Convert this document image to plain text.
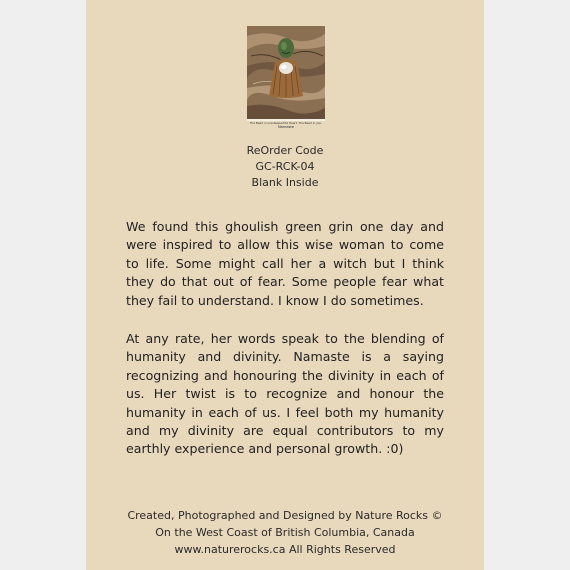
The Bead in one Respectful Heart. The Bead in you.
Namaste
ReOrder Code
GC-RCK-04
Blank Inside

We found this ghoulish green grin one day and were inspired to allow this wise woman to come to life. Some might call her a witch but I think they do that out of fear. Some people fear what they fail to understand. I know I do sometimes.

At any rate, her words speak to the blending of humanity and divinity. Namaste is a saying recognizing and honouring the divinity in each of us. Her twist is to recognize and honour the humanity in each of us. I feel both my humanity and my divinity are equal contributors to my earthly experience and personal growth. :0)

Created, Photographed and Designed by Nature Rocks ©
On the West Coast of British Columbia, Canada
www.naturerocks.ca All Rights Reserved
